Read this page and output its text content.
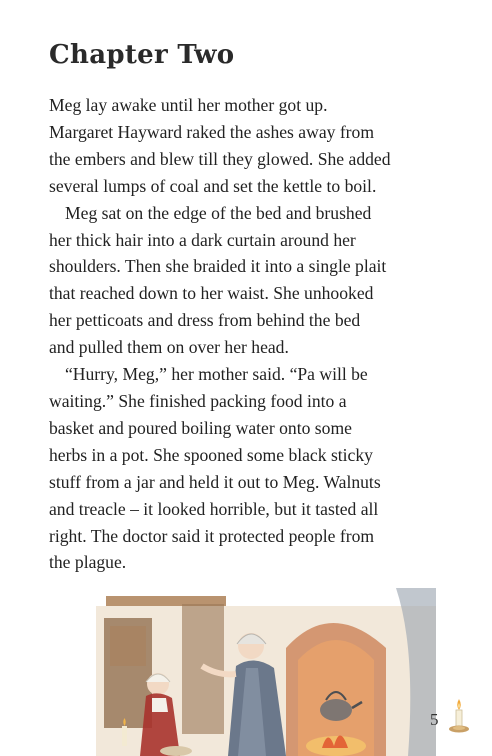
Chapter Two

Meg lay awake until her mother got up.

Margaret Hayward raked the ashes away from

the embers and blew till they glowed. She added

several lumps of coal and set the kettle to boil.

Meg sat on the edge of the bed and brushed

her thick hair into a dark curtain around her

shoulders. Then she braided it into a single plait

that reached down to her waist. She unhooked

her petticoats and dress from behind the bed

and pulled them on over her head.

“Hurry, Meg,” her mother said. “Pa will be

waiting.” She finished packing food into a

basket and poured boiling water onto some

herbs in a pot. She spooned some black sticky

stuff from a jar and held it out to Meg. Walnuts

and treacle – it looked horrible, but it tasted all

right. The doctor said it protected people from

the plague.

5
